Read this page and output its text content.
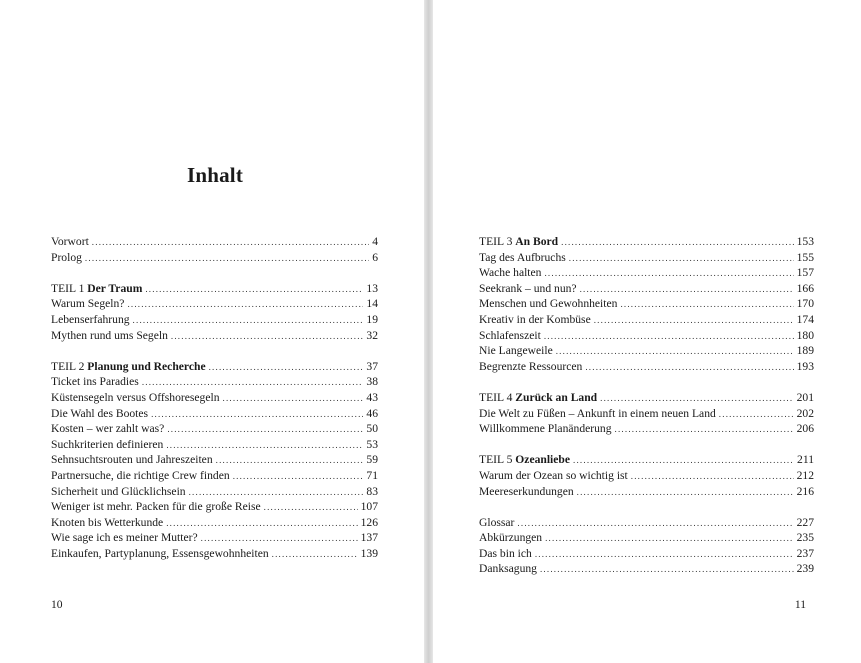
Inhalt
Vorwort .....	4
Prolog .....	6
TEIL 1 Der Traum .....	13
Warum Segeln? .....	14
Lebenserfahrung .....	19
Mythen rund ums Segeln .....	32
TEIL 2 Planung und Recherche .....	37
Ticket ins Paradies .....	38
Küstensegeln versus Offshoresegeln .....	43
Die Wahl des Bootes .....	46
Kosten – wer zahlt was? .....	50
Suchkriterien definieren .....	53
Sehnsuchtsrouten und Jahreszeiten .....	59
Partnersuche, die richtige Crew finden .....	71
Sicherheit und Glücklichsein .....	83
Weniger ist mehr. Packen für die große Reise .....	107
Knoten bis Wetterkunde .....	126
Wie sage ich es meiner Mutter? .....	137
Einkaufen, Partyplanung, Essensgewohnheiten .....	139
10
TEIL 3 An Bord .....	153
Tag des Aufbruchs .....	155
Wache halten .....	157
Seekrank – und nun? .....	166
Menschen und Gewohnheiten .....	170
Kreativ in der Kombüse .....	174
Schlafenszeit .....	180
Nie Langeweile .....	189
Begrenzte Ressourcen .....	193
TEIL 4 Zurück an Land .....	201
Die Welt zu Füßen – Ankunft in einem neuen Land .....	202
Willkommene Planänderung .....	206
TEIL 5 Ozeanliebe .....	211
Warum der Ozean so wichtig ist .....	212
Meereserkundungen .....	216
Glossar .....	227
Abkürzungen .....	235
Das bin ich .....	237
Danksagung .....	239
11
